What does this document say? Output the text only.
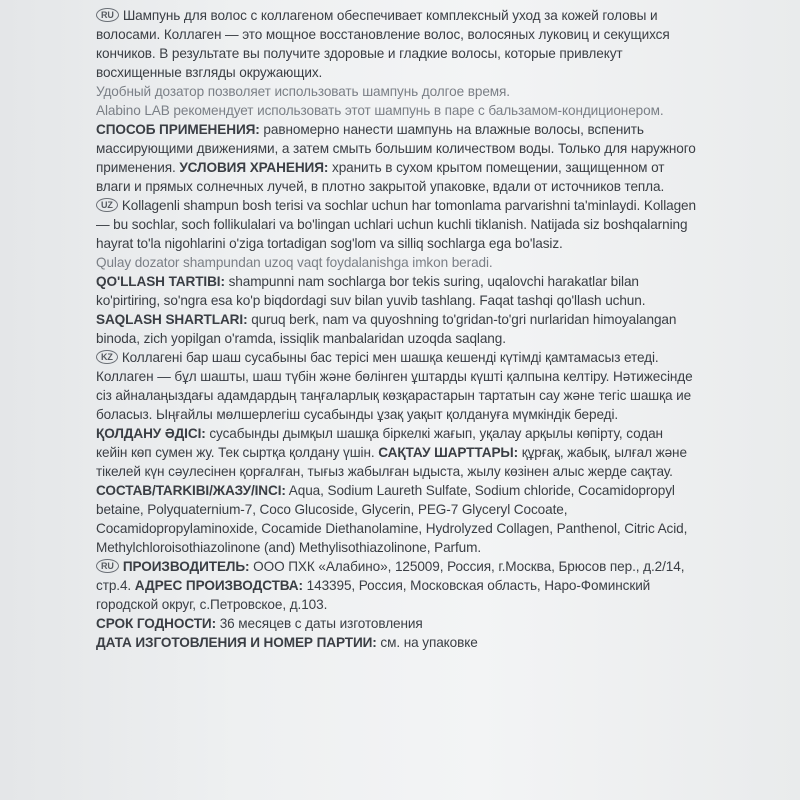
RU Шампунь для волос с коллагеном обеспечивает комплексный уход за кожей головы и волосами. Коллаген — это мощное восстановление волос, волосяных луковиц и секущихся кончиков. В результате вы получите здоровые и гладкие волосы, которые привлекут восхищенные взгляды окружающих.

Удобный дозатор позволяет использовать шампунь долгое время.

Alabino LAB рекомендует использовать этот шампунь в паре с бальзамом-кондиционером.

СПОСОБ ПРИМЕНЕНИЯ: равномерно нанести шампунь на влажные волосы, вспенить массирующими движениями, а затем смыть большим количеством воды. Только для наружного применения. УСЛОВИЯ ХРАНЕНИЯ: хранить в сухом крытом помещении, защищенном от влаги и прямых солнечных лучей, в плотно закрытой упаковке, вдали от источников тепла.

UZ Kollagenli shampun bosh terisi va sochlar uchun har tomonlama parvarishni ta'minlaydi. Kollagen — bu sochlar, soch follikulalari va bo'lingan uchlari uchun kuchli tiklanish. Natijada siz boshqalarning hayrat to'la nigohlarini o'ziga tortadigan sog'lom va silliq sochlarga ega bo'lasiz.

Qulay dozator shampundan uzoq vaqt foydalanishga imkon beradi.

QO'LLASH TARTIBI: shampunni nam sochlarga bor tekis suring, uqalovchi harakatlar bilan ko'pirtiring, so'ngra esa ko'p biqdordagi suv bilan yuvib tashlang. Faqat tashqi qo'llash uchun. SAQLASH SHARTLARI: quruq berk, nam va quyoshning to'gridan-to'gri nurlaridan himoyalangan binoda, zich yopilgan o'ramda, issiqlik manbalaridan uzoqda saqlang.

KZ Коллагені бар шаш сусабыны бас терісі мен шашқа кешенді күтімді қамтамасыз етеді. Коллаген — бұл шашты, шаш түбін және бөлінген ұштарды күшті қалпына келтіру. Нәтижесінде сіз айналаңыздағы адамдардың таңғаларлық көзқарастарын тартатын сау және тегіс шашқа ие боласыз. Ыңғайлы мөлшерлегіш сусабынды ұзақ уақыт қолдануға мүмкіндік береді.

ҚОЛДАНУ ӘДІСІ: сусабынды дымқыл шашқа біркелкі жағып, уқалау арқылы көпірту, содан кейін көп сумен жу. Тек сыртқа қолдану үшін. САҚТАУ ШАРТТАРЫ: құрғақ, жабық, ылғал және тікелей күн сәулесінен қорғалған, тығыз жабылған ыдыста, жылу көзінен алыс жерде сақтау.

СОСТАВ/TARKIBI/ЖАЗУ/INCI: Aqua, Sodium Laureth Sulfate, Sodium chloride, Cocamidopropyl betaine, Polyquaternium-7, Coco Glucoside, Glycerin, PEG-7 Glyceryl Cocoate, Cocamidopropylaminoxide, Cocamide Diethanolamine, Hydrolyzed Collagen, Panthenol, Citric Acid, Methylchloroisothiazolinone (and) Methylisothiazolinone, Parfum.

RU ПРОИЗВОДИТЕЛЬ: ООО ПХК «Алабино», 125009, Россия, г.Москва, Брюсов пер., д.2/14, стр.4. АДРЕС ПРОИЗВОДСТВА: 143395, Россия, Московская область, Наро-Фоминский городской округ, с.Петровское, д.103.

СРОК ГОДНОСТИ: 36 месяцев с даты изготовления

ДАТА ИЗГОТОВЛЕНИЯ И НОМЕР ПАРТИИ: см. на упаковке
